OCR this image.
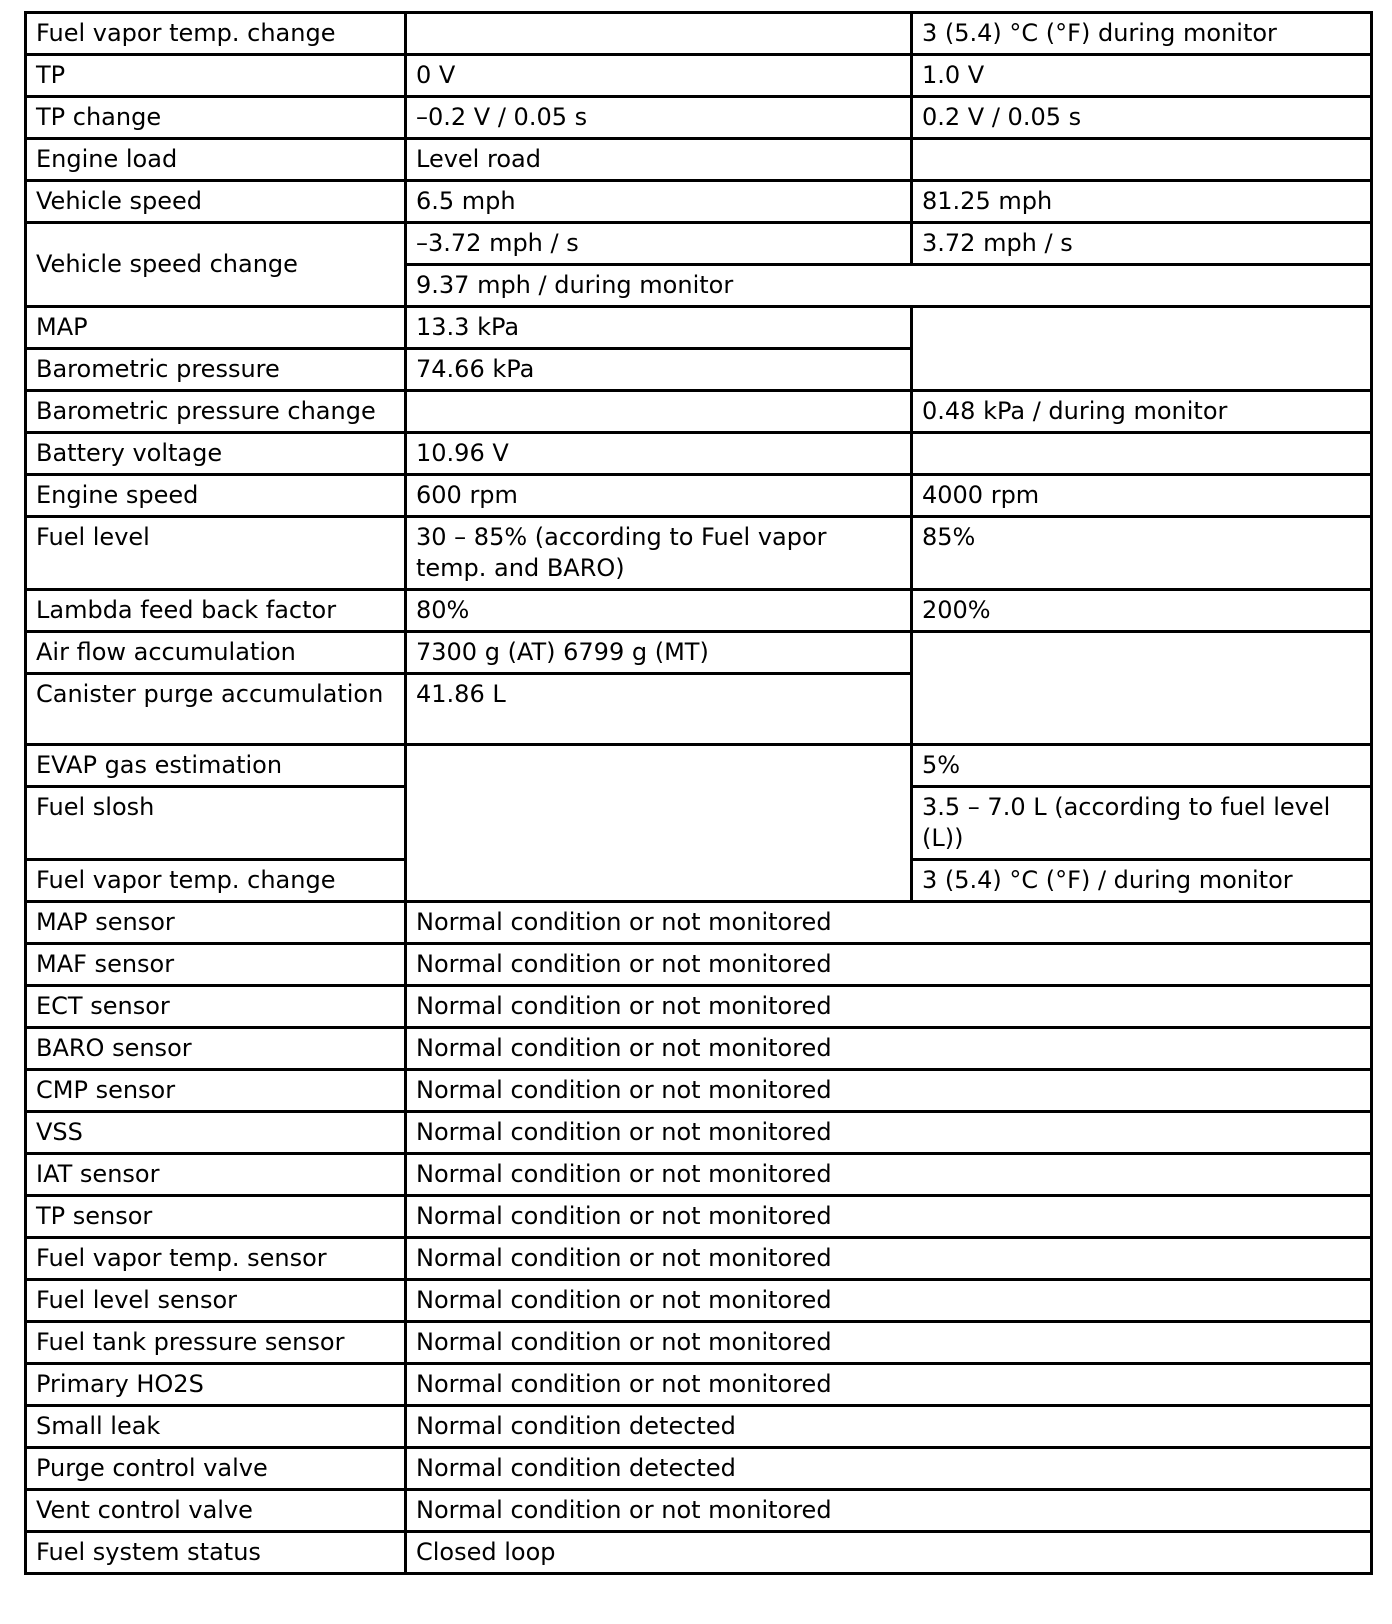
Fuel vapor temp. change		3 (5.4) °C (°F) during monitor
TP	0 V	1.0 V
TP change	–0.2 V / 0.05 s	0.2 V / 0.05 s
Engine load	Level road	
Vehicle speed	6.5 mph	81.25 mph
Vehicle speed change	–3.72 mph / s	3.72 mph / s
	9.37 mph / during monitor	
MAP	13.3 kPa	
Barometric pressure	74.66 kPa	
Barometric pressure change		0.48 kPa / during monitor
Battery voltage	10.96 V	
Engine speed	600 rpm	4000 rpm
Fuel level	30 – 85% (according to Fuel vapor temp. and BARO)	85%
Lambda feed back factor	80%	200%
Air flow accumulation	7300 g (AT) 6799 g (MT)	
Canister purge accumulation	41.86 L	
EVAP gas estimation		5%
Fuel slosh		3.5 – 7.0 L (according to fuel level (L))
Fuel vapor temp. change		3 (5.4) °C (°F) / during monitor
MAP sensor	Normal condition or not monitored	
MAF sensor	Normal condition or not monitored	
ECT sensor	Normal condition or not monitored	
BARO sensor	Normal condition or not monitored	
CMP sensor	Normal condition or not monitored	
VSS	Normal condition or not monitored	
IAT sensor	Normal condition or not monitored	
TP sensor	Normal condition or not monitored	
Fuel vapor temp. sensor	Normal condition or not monitored	
Fuel level sensor	Normal condition or not monitored	
Fuel tank pressure sensor	Normal condition or not monitored	
Primary HO2S	Normal condition or not monitored	
Small leak	Normal condition detected	
Purge control valve	Normal condition detected	
Vent control valve	Normal condition or not monitored	
Fuel system status	Closed loop	
